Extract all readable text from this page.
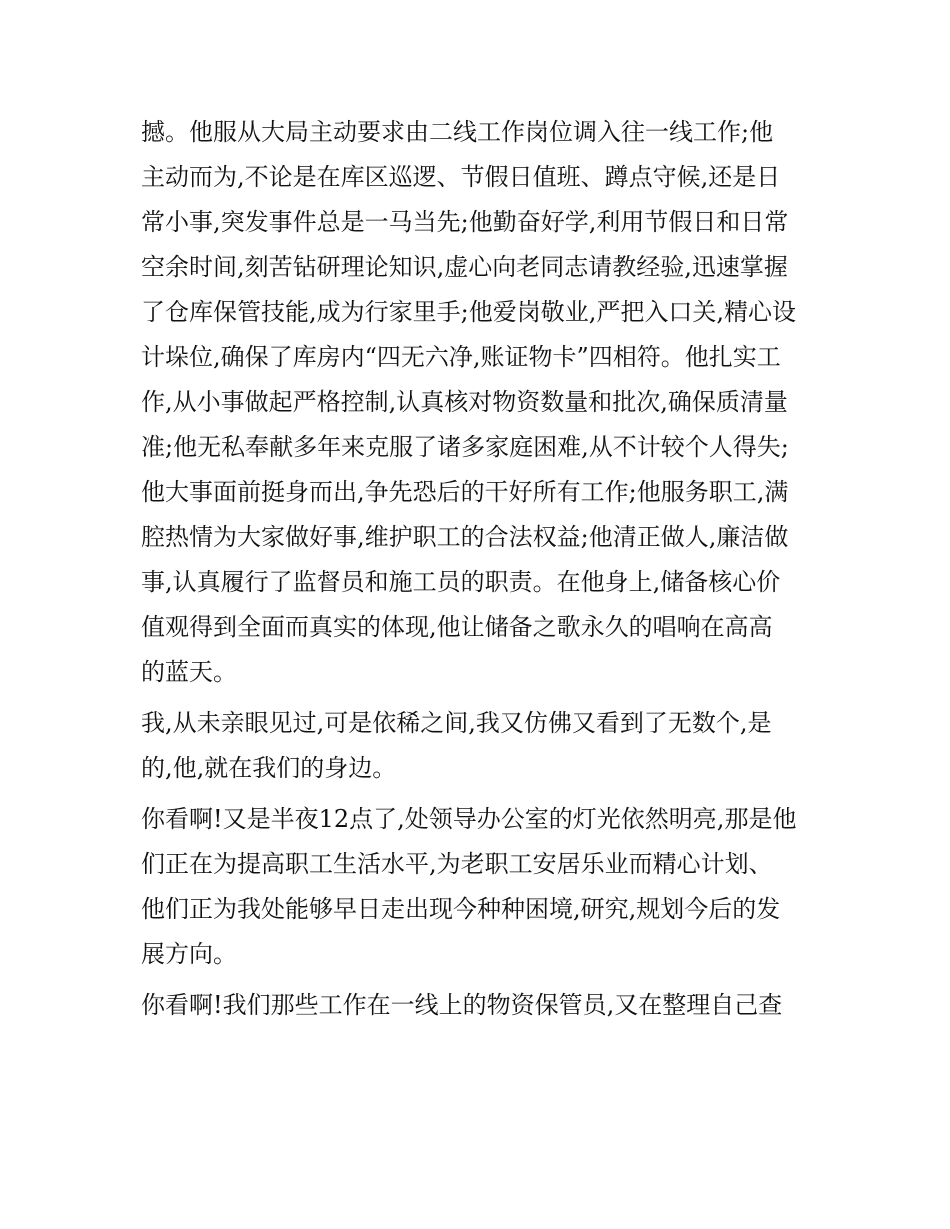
撼。他服从大局主动要求由二线工作岗位调入往一线工作;他
主动而为,不论是在库区巡逻、节假日值班、蹲点守候,还是日
常小事,突发事件总是一马当先;他勤奋好学,利用节假日和日常
空余时间,刻苦钻研理论知识,虚心向老同志请教经验,迅速掌握
了仓库保管技能,成为行家里手;他爱岗敬业,严把入口关,精心设
计垛位,确保了库房内“四无六净,账证物卡”四相符。他扎实工
作,从小事做起严格控制,认真核对物资数量和批次,确保质清量
准;他无私奉献多年来克服了诸多家庭困难,从不计较个人得失;
他大事面前挺身而出,争先恐后的干好所有工作;他服务职工,满
腔热情为大家做好事,维护职工的合法权益;他清正做人,廉洁做
事,认真履行了监督员和施工员的职责。在他身上,储备核心价
值观得到全面而真实的体现,他让储备之歌永久的唱响在高高
的蓝天。
我,从未亲眼见过,可是依稀之间,我又仿佛又看到了无数个,是
的,他,就在我们的身边。
你看啊!又是半夜12点了,处领导办公室的灯光依然明亮,那是他
们正在为提高职工生活水平,为老职工安居乐业而精心计划、
他们正为我处能够早日走出现今种种困境,研究,规划今后的发
展方向。
你看啊!我们那些工作在一线上的物资保管员,又在整理自己查
